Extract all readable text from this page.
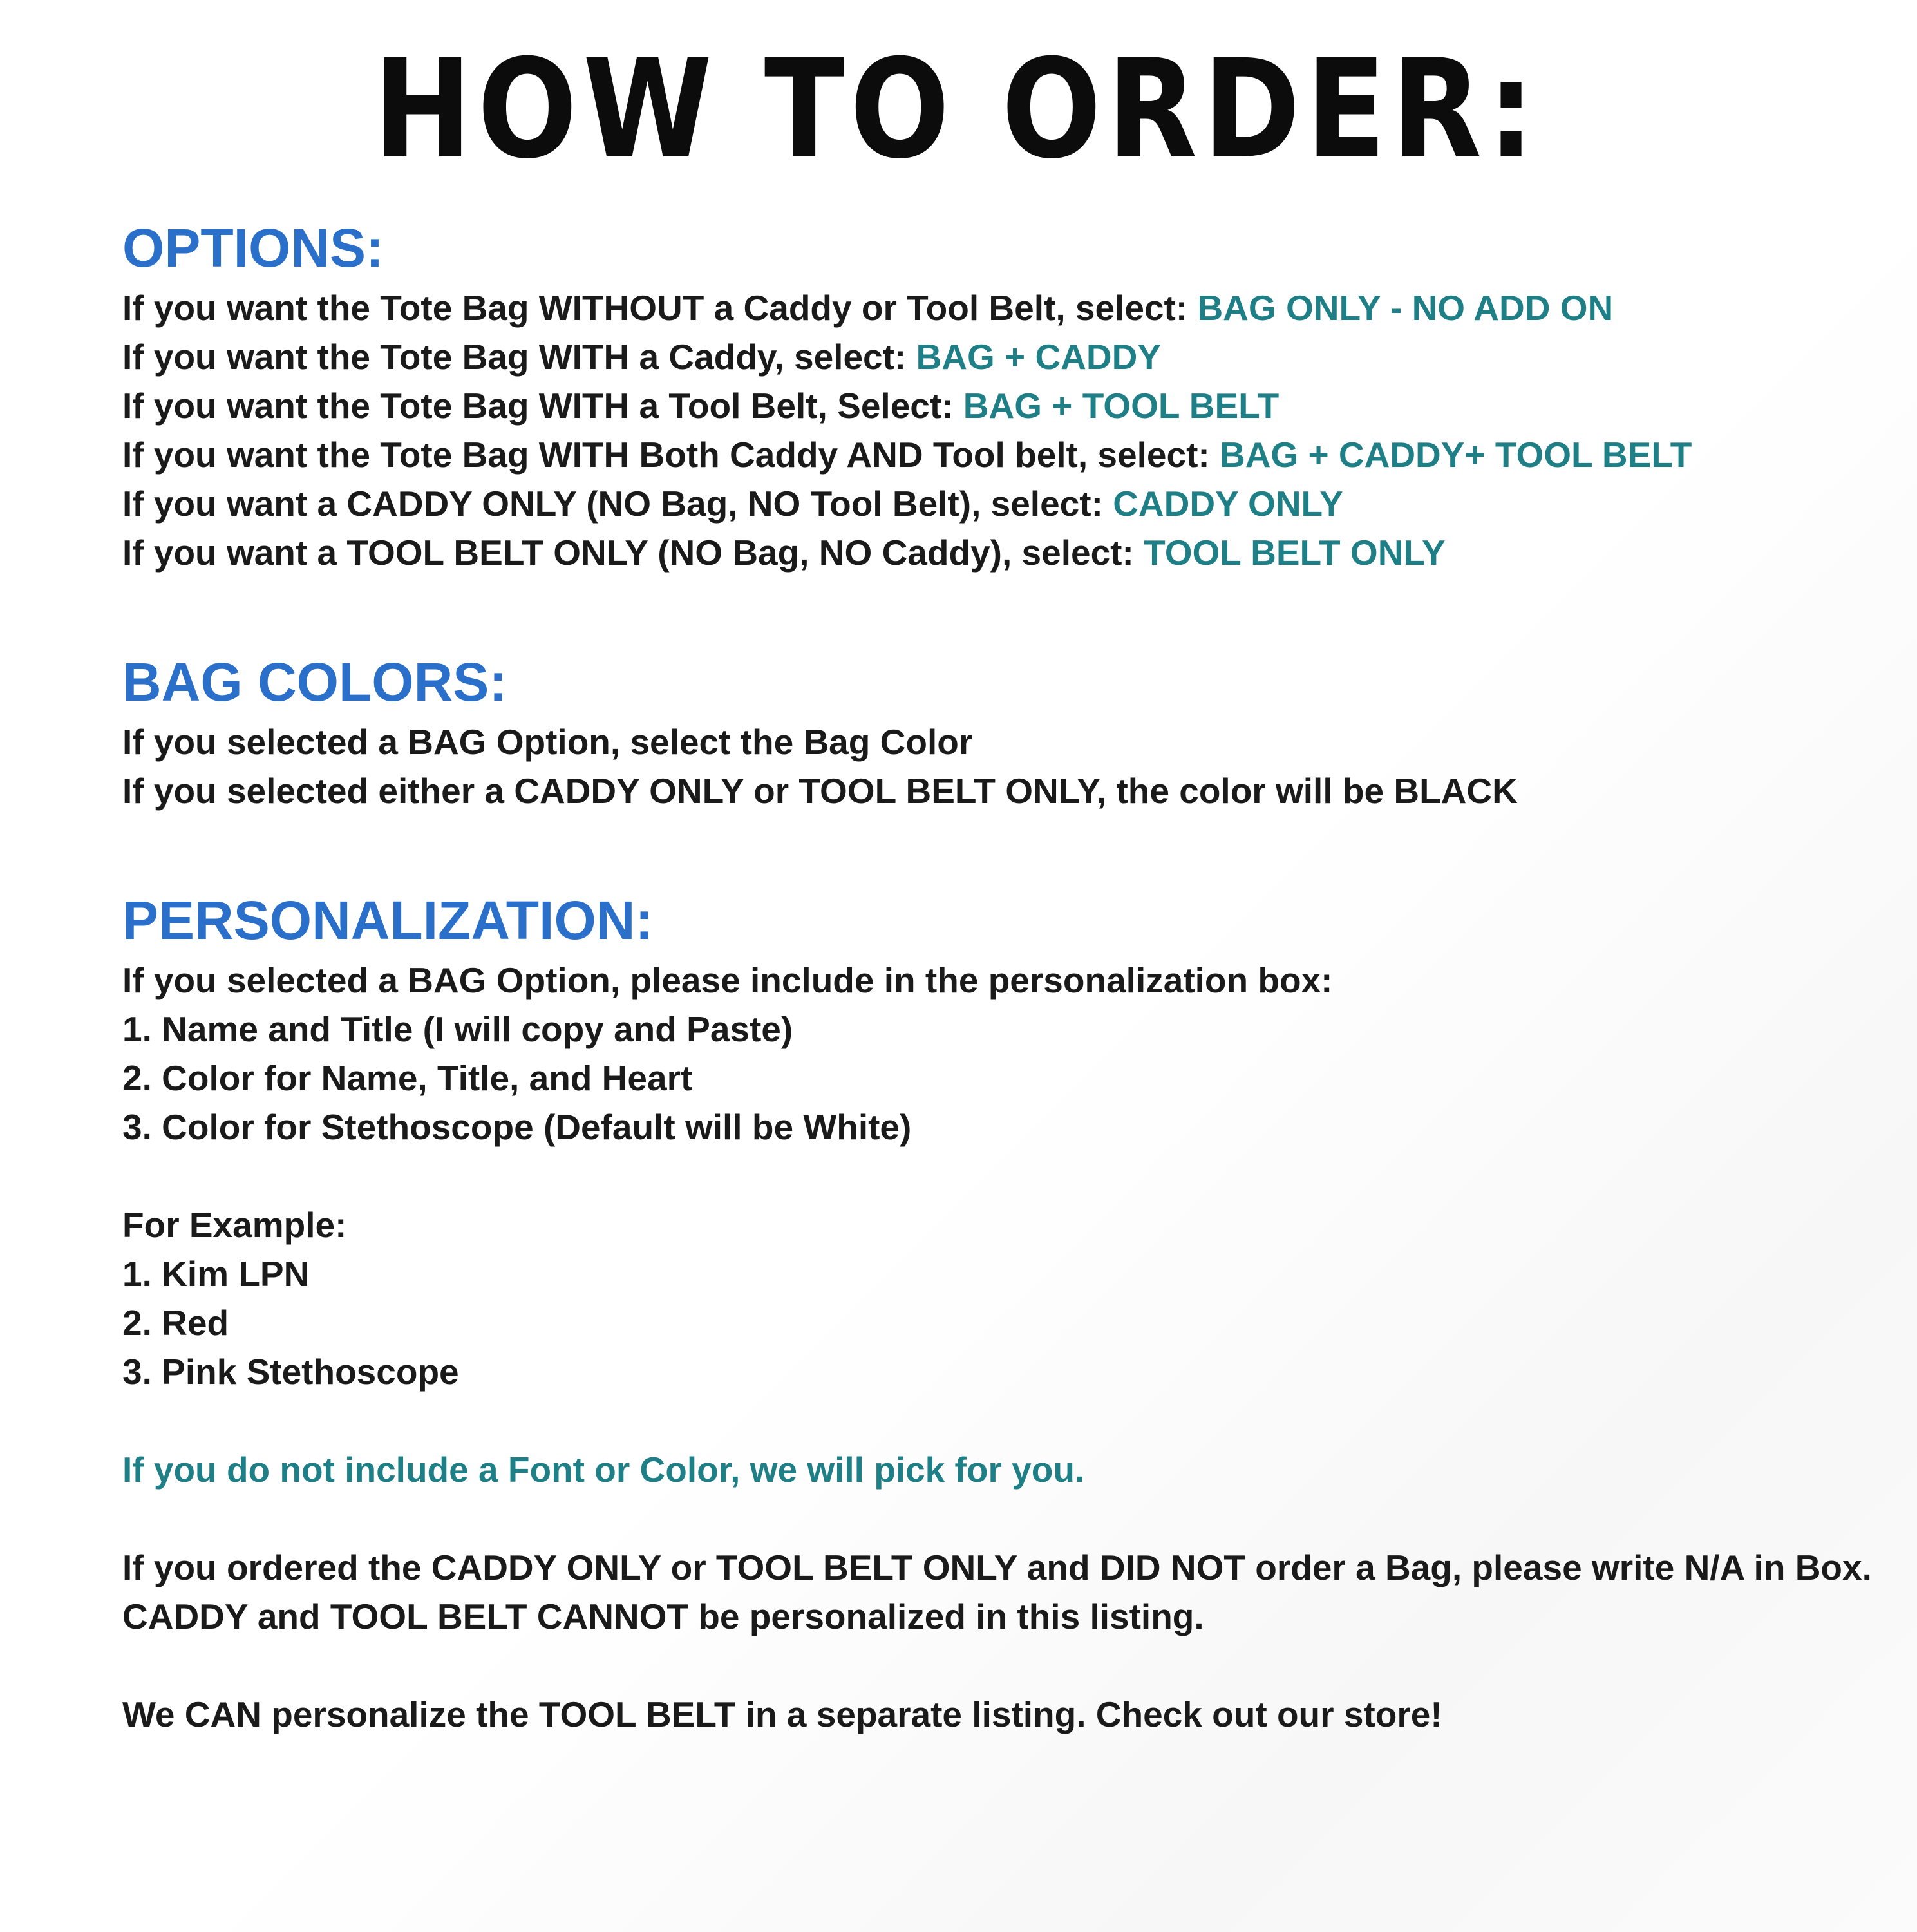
HOW TO ORDER:
OPTIONS:
If you want the Tote Bag WITHOUT a Caddy or Tool Belt, select: BAG ONLY - NO ADD ON
If you want the Tote Bag WITH a Caddy, select: BAG + CADDY
If you want the Tote Bag WITH a Tool Belt, Select: BAG + TOOL BELT
If you want the Tote Bag WITH Both Caddy AND Tool belt, select: BAG + CADDY+ TOOL BELT
If you want a CADDY ONLY (NO Bag, NO Tool Belt), select: CADDY ONLY
If you want a TOOL BELT ONLY (NO Bag, NO Caddy), select: TOOL BELT ONLY
BAG COLORS:
If you selected a BAG Option, select the Bag Color
If you selected either a CADDY ONLY or TOOL BELT ONLY, the color will be BLACK
PERSONALIZATION:
If you selected a BAG Option, please include in the personalization box:
1. Name and Title (I will copy and Paste)
2. Color for Name, Title, and Heart
3. Color for Stethoscope (Default will be White)
For Example:
1. Kim LPN
2. Red
3. Pink Stethoscope
If you do not include a Font or Color, we will pick for you.
If you ordered the CADDY ONLY or TOOL BELT ONLY and DID NOT order a Bag, please write N/A in Box.
CADDY and TOOL BELT CANNOT be personalized in this listing.
We CAN personalize the TOOL BELT in a separate listing. Check out our store!
